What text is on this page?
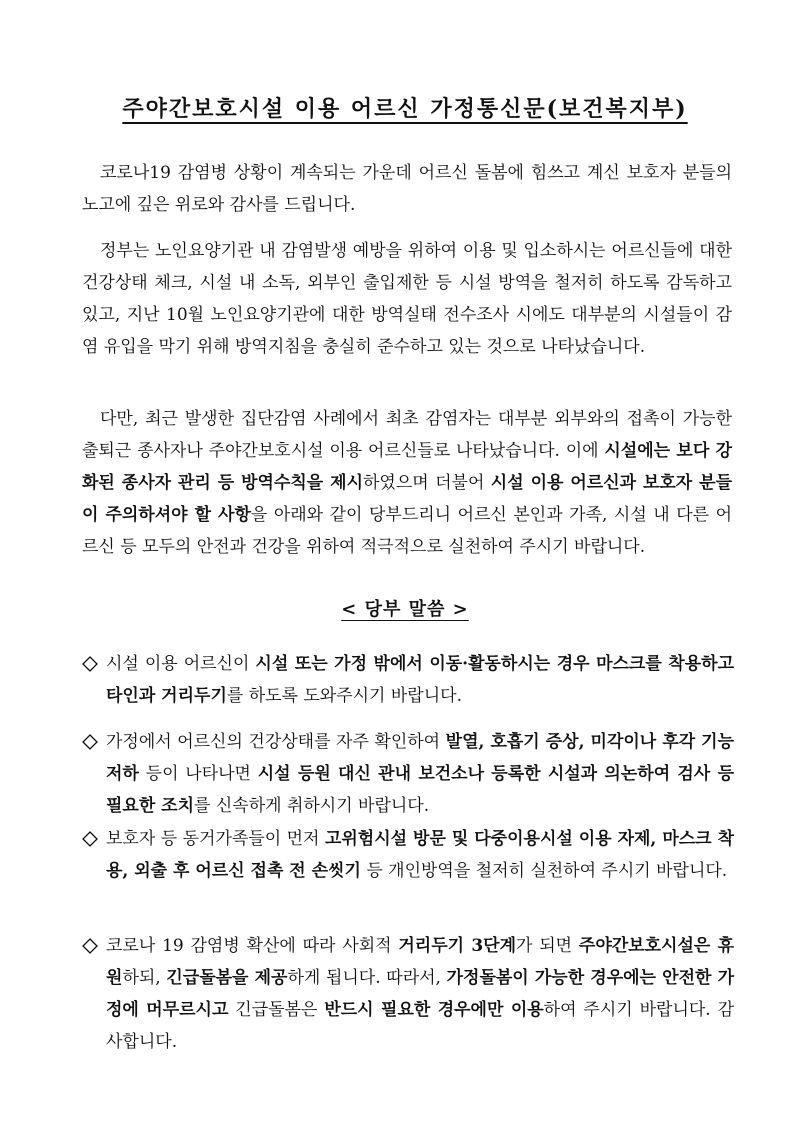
주야간보호시설 이용 어르신 가정통신문(보건복지부)
코로나19 감염병 상황이 계속되는 가운데 어르신 돌봄에 힘쓰고 계신 보호자 분들의 노고에 깊은 위로와 감사를 드립니다.
정부는 노인요양기관 내 감염발생 예방을 위하여 이용 및 입소하시는 어르신들에 대한 건강상태 체크, 시설 내 소독, 외부인 출입제한 등 시설 방역을 철저히 하도록 감독하고 있고, 지난 10월 노인요양기관에 대한 방역실태 전수조사 시에도 대부분의 시설들이 감염 유입을 막기 위해 방역지침을 충실히 준수하고 있는 것으로 나타났습니다.
다만, 최근 발생한 집단감염 사례에서 최초 감염자는 대부분 외부와의 접촉이 가능한 출퇴근 종사자나 주야간보호시설 이용 어르신들로 나타났습니다. 이에 시설에는 보다 강화된 종사자 관리 등 방역수칙을 제시하였으며 더불어 시설 이용 어르신과 보호자 분들이 주의하셔야 할 사항을 아래와 같이 당부드리니 어르신 본인과 가족, 시설 내 다른 어르신 등 모두의 안전과 건강을 위하여 적극적으로 실천하여 주시기 바랍니다.
< 당부 말씀 >
시설 이용 어르신이 시설 또는 가정 밖에서 이동·활동하시는 경우 마스크를 착용하고 타인과 거리두기를 하도록 도와주시기 바랍니다.
가정에서 어르신의 건강상태를 자주 확인하여 발열, 호흡기 증상, 미각이나 후각 기능 저하 등이 나타나면 시설 등원 대신 관내 보건소나 등록한 시설과 의논하여 검사 등 필요한 조치를 신속하게 취하시기 바랍니다.
보호자 등 동거가족들이 먼저 고위험시설 방문 및 다중이용시설 이용 자제, 마스크 착용, 외출 후 어르신 접촉 전 손씻기 등 개인방역을 철저히 실천하여 주시기 바랍니다.
코로나 19 감염병 확산에 따라 사회적 거리두기 3단계가 되면 주야간보호시설은 휴원하되, 긴급돌봄을 제공하게 됩니다. 따라서, 가정돌봄이 가능한 경우에는 안전한 가정에 머무르시고 긴급돌봄은 반드시 필요한 경우에만 이용하여 주시기 바랍니다. 감사합니다.
